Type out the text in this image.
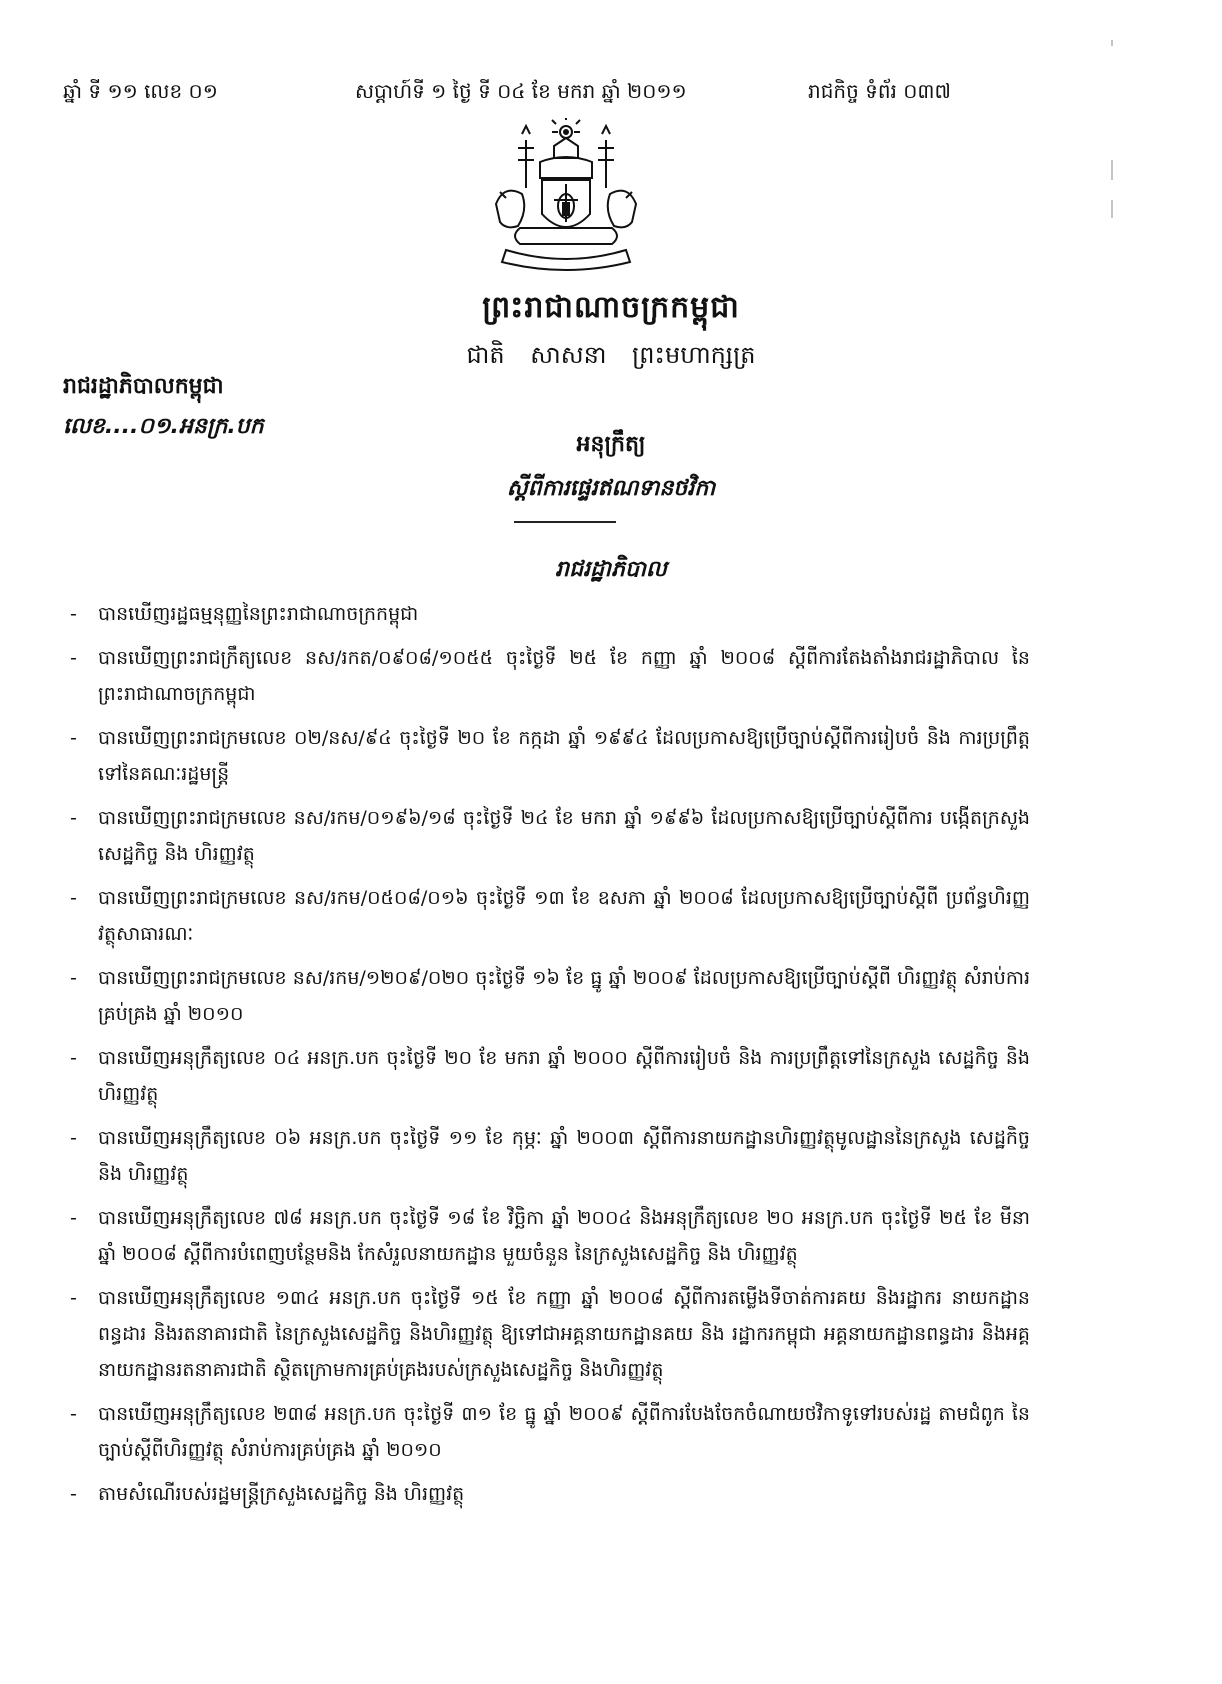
ឆ្នាំ ទី ១១ លេខ ០១	សប្តាហ៍ទី ១ ថ្ងៃ ទី ០៤ ខែ មករា ឆ្នាំ ២០១១	រាជកិច្ច ទំព័រ ០៣៧
ព្រះរាជាណាចក្រកម្ពុជា
ជាតិ សាសនា ព្រះមហាក្សត្រ
រាជរដ្ឋាភិបាលកម្ពុជា
លេខ....០១.អនក្រ.បក
អនុក្រឹត្យ
ស្តីពីការផ្ទេរឥណទានថវិកា
រាជរដ្ឋាភិបាល
-	បានឃើញរដ្ឋធម្មនុញ្ញនៃព្រះរាជាណាចក្រកម្ពុជា
-	បានឃើញព្រះរាជក្រឹត្យលេខ នស/រកត/០៩០៨/១០៥៥ ចុះថ្ងៃទី ២៥ ខែ កញ្ញា ឆ្នាំ ២០០៨ ស្តីពីការតែងតាំងរាជរដ្ឋាភិបាល នៃព្រះរាជាណាចក្រកម្ពុជា
-	បានឃើញព្រះរាជក្រមលេខ ០២/នស/៩៤ ចុះថ្ងៃទី ២០ ខែ កក្កដា ឆ្នាំ ១៩៩៤ ដែលប្រកាសឱ្យប្រើច្បាប់ស្តីពីការរៀបចំ និង ការប្រព្រឹត្តទៅនៃគណៈរដ្ឋមន្ត្រី
-	បានឃើញព្រះរាជក្រមលេខ នស/រកម/០១៩៦/១៨ ចុះថ្ងៃទី ២៤ ខែ មករា ឆ្នាំ ១៩៩៦ ដែលប្រកាសឱ្យប្រើច្បាប់ស្តីពីការ បង្កើតក្រសួងសេដ្ឋកិច្ច និង ហិរញ្ញវត្ថុ
-	បានឃើញព្រះរាជក្រមលេខ នស/រកម/០៥០៨/០១៦ ចុះថ្ងៃទី ១៣ ខែ ឧសភា ឆ្នាំ ២០០៨ ដែលប្រកាសឱ្យប្រើច្បាប់ស្តីពី ប្រព័ន្ធហិរញ្ញវត្ថុសាធារណៈ
-	បានឃើញព្រះរាជក្រមលេខ នស/រកម/១២០៩/០២០ ចុះថ្ងៃទី ១៦ ខែ ធ្នូ ឆ្នាំ ២០០៩ ដែលប្រកាសឱ្យប្រើច្បាប់ស្តីពី ហិរញ្ញវត្ថុ សំរាប់ការគ្រប់គ្រង ឆ្នាំ ២០១០
-	បានឃើញអនុក្រឹត្យលេខ ០៤ អនក្រ.បក ចុះថ្ងៃទី ២០ ខែ មករា ឆ្នាំ ២០០០ ស្តីពីការរៀបចំ និង ការប្រព្រឹត្តទៅនៃក្រសួង សេដ្ឋកិច្ច និង ហិរញ្ញវត្ថុ
-	បានឃើញអនុក្រឹត្យលេខ ០៦ អនក្រ.បក ចុះថ្ងៃទី ១១ ខែ កុម្ភៈ ឆ្នាំ ២០០៣ ស្តីពីការនាយកដ្ឋានហិរញ្ញវត្ថុមូលដ្ឋាននៃក្រសួង សេដ្ឋកិច្ច និង ហិរញ្ញវត្ថុ
-	បានឃើញអនុក្រឹត្យលេខ ៧៨ អនក្រ.បក ចុះថ្ងៃទី ១៨ ខែ វិច្ឆិកា ឆ្នាំ ២០០៤ និងអនុក្រឹត្យលេខ ២០ អនក្រ.បក ចុះថ្ងៃទី ២៥ ខែ មីនា ឆ្នាំ ២០០៨ ស្តីពីការបំពេញបន្ថែមនិង កែសំរួលនាយកដ្ឋាន មួយចំនួន នៃក្រសួងសេដ្ឋកិច្ច និង ហិរញ្ញវត្ថុ
-	បានឃើញអនុក្រឹត្យលេខ ១៣៤ អនក្រ.បក ចុះថ្ងៃទី ១៥ ខែ កញ្ញា ឆ្នាំ ២០០៨ ស្តីពីការតម្លើងទីចាត់ការគយ និងរដ្ឋាករ នាយកដ្ឋានពន្ធដារ និងរតនាគារជាតិ នៃក្រសួងសេដ្ឋកិច្ច និងហិរញ្ញវត្ថុ ឱ្យទៅជាអគ្គនាយកដ្ឋានគយ និង រដ្ឋាករកម្ពុជា អគ្គនាយកដ្ឋានពន្ធដារ និងអគ្គនាយកដ្ឋានរតនាគារជាតិ ស្ថិតក្រោមការគ្រប់គ្រងរបស់ក្រសួងសេដ្ឋកិច្ច និងហិរញ្ញវត្ថុ
-	បានឃើញអនុក្រឹត្យលេខ ២៣៨ អនក្រ.បក ចុះថ្ងៃទី ៣១ ខែ ធ្នូ ឆ្នាំ ២០០៩ ស្តីពីការបែងចែកចំណាយថវិកាទូទៅរបស់រដ្ឋ តាមជំពូក នៃច្បាប់ស្តីពីហិរញ្ញវត្ថុ សំរាប់ការគ្រប់គ្រង ឆ្នាំ ២០១០
-	តាមសំណើរបស់រដ្ឋមន្ត្រីក្រសួងសេដ្ឋកិច្ច និង ហិរញ្ញវត្ថុ
